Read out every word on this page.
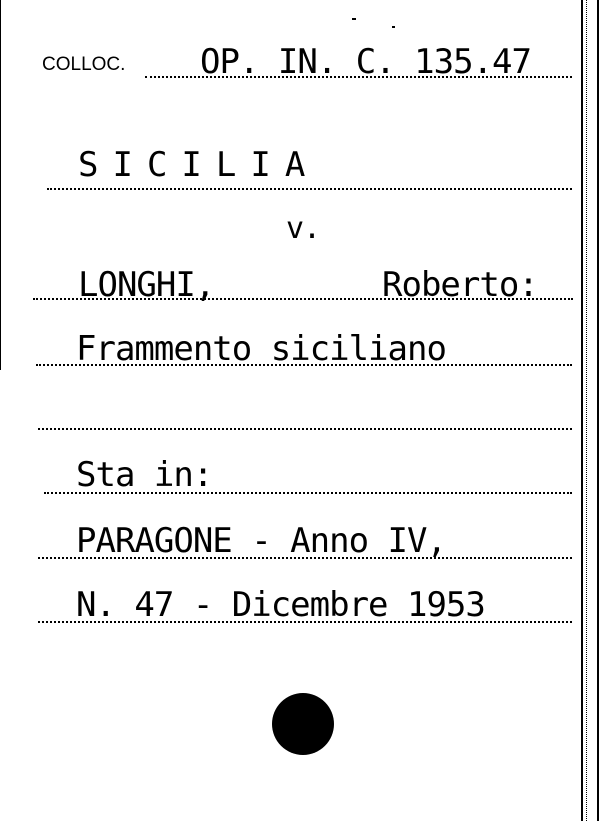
COLLOC. OP. IN. C. 135.47
SICILIA
v.
LONGHI,	Roberto:
Frammento siciliano
Sta in:
PARAGONE - Anno IV,
N. 47 - Dicembre 1953
